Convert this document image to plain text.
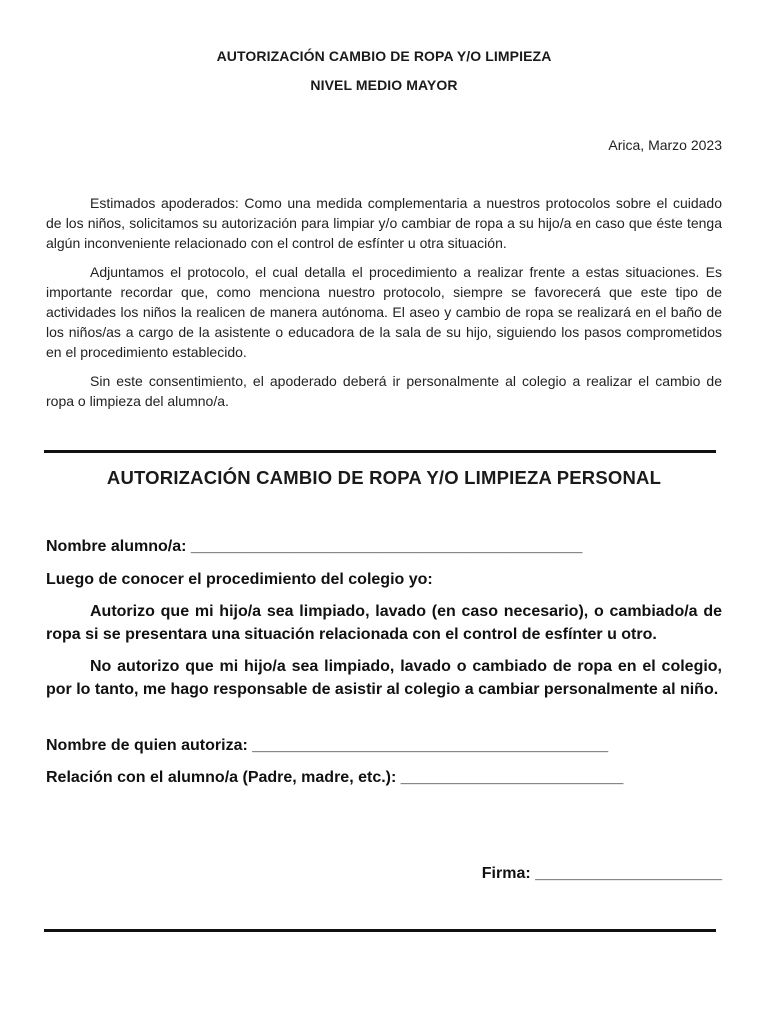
AUTORIZACIÓN CAMBIO DE ROPA Y/O LIMPIEZA
NIVEL MEDIO MAYOR
Arica, Marzo 2023

Estimados apoderados: Como una medida complementaria a nuestros protocolos sobre el cuidado de los niños, solicitamos su autorización para limpiar y/o cambiar de ropa a su hijo/a en caso que éste tenga algún inconveniente relacionado con el control de esfínter u otra situación.

Adjuntamos el protocolo, el cual detalla el procedimiento a realizar frente a estas situaciones. Es importante recordar que, como menciona nuestro protocolo, siempre se favorecerá que este tipo de actividades los niños la realicen de manera autónoma. El aseo y cambio de ropa se realizará en el baño de los niños/as a cargo de la asistente o educadora de la sala de su hijo, siguiendo los pasos comprometidos en el procedimiento establecido.

Sin este consentimiento, el apoderado deberá ir personalmente al colegio a realizar el cambio de ropa o limpieza del alumno/a.

AUTORIZACIÓN CAMBIO DE ROPA Y/O LIMPIEZA PERSONAL
Nombre alumno/a: ____________________________________________
Luego de conocer el procedimiento del colegio yo:
Autorizo que mi hijo/a sea limpiado, lavado (en caso necesario), o cambiado/a de ropa si se presentara una situación relacionada con el control de esfínter u otro.
No autorizo que mi hijo/a sea limpiado, lavado o cambiado de ropa en el colegio, por lo tanto, me hago responsable de asistir al colegio a cambiar personalmente al niño.
Nombre de quien autoriza: ________________________________________
Relación con el alumno/a (Padre, madre, etc.): _________________________
Firma: _____________________
